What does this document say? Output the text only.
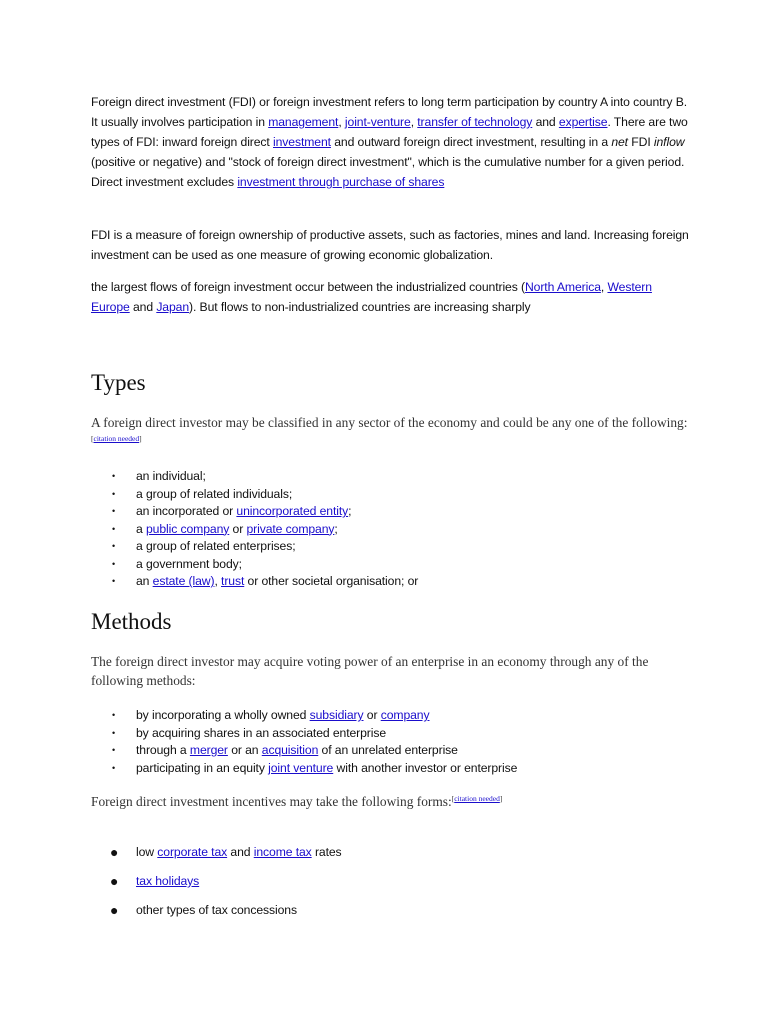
Foreign direct investment (FDI) or foreign investment refers to long term participation by country A into country B. It usually involves participation in management, joint-venture, transfer of technology and expertise. There are two types of FDI: inward foreign direct investment and outward foreign direct investment, resulting in a net FDI inflow (positive or negative) and "stock of foreign direct investment", which is the cumulative number for a given period. Direct investment excludes investment through purchase of shares

FDI is a measure of foreign ownership of productive assets, such as factories, mines and land. Increasing foreign investment can be used as one measure of growing economic globalization.

the largest flows of foreign investment occur between the industrialized countries (North America, Western Europe and Japan). But flows to non-industrialized countries are increasing sharply

Types

A foreign direct investor may be classified in any sector of the economy and could be any one of the following:[citation needed]

• an individual;
• a group of related individuals;
• an incorporated or unincorporated entity;
• a public company or private company;
• a group of related enterprises;
• a government body;
• an estate (law), trust or other societal organisation; or
Methods

The foreign direct investor may acquire voting power of an enterprise in an economy through any of the following methods:

• by incorporating a wholly owned subsidiary or company
• by acquiring shares in an associated enterprise
• through a merger or an acquisition of an unrelated enterprise
• participating in an equity joint venture with another investor or enterprise

Foreign direct investment incentives may take the following forms:[citation needed]

● low corporate tax and income tax rates
● tax holidays
● other types of tax concessions
